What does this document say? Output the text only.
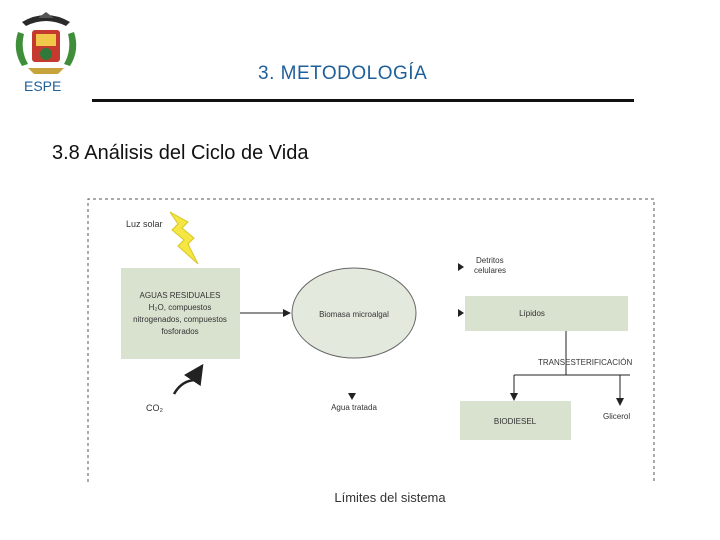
ESPE
3. METODOLOGÍA
3.8 Análisis del Ciclo de Vida
Luz solar
AGUAS RESIDUALES
H₂O, compuestos
nitrogenados, compuestos
fosforados
CO₂
Biomasa microalgal
Agua tratada
Detritos
celulares
Lípidos
TRANSESTERIFICACIÓN
BIODIESEL
Glicerol
Límites del sistema
